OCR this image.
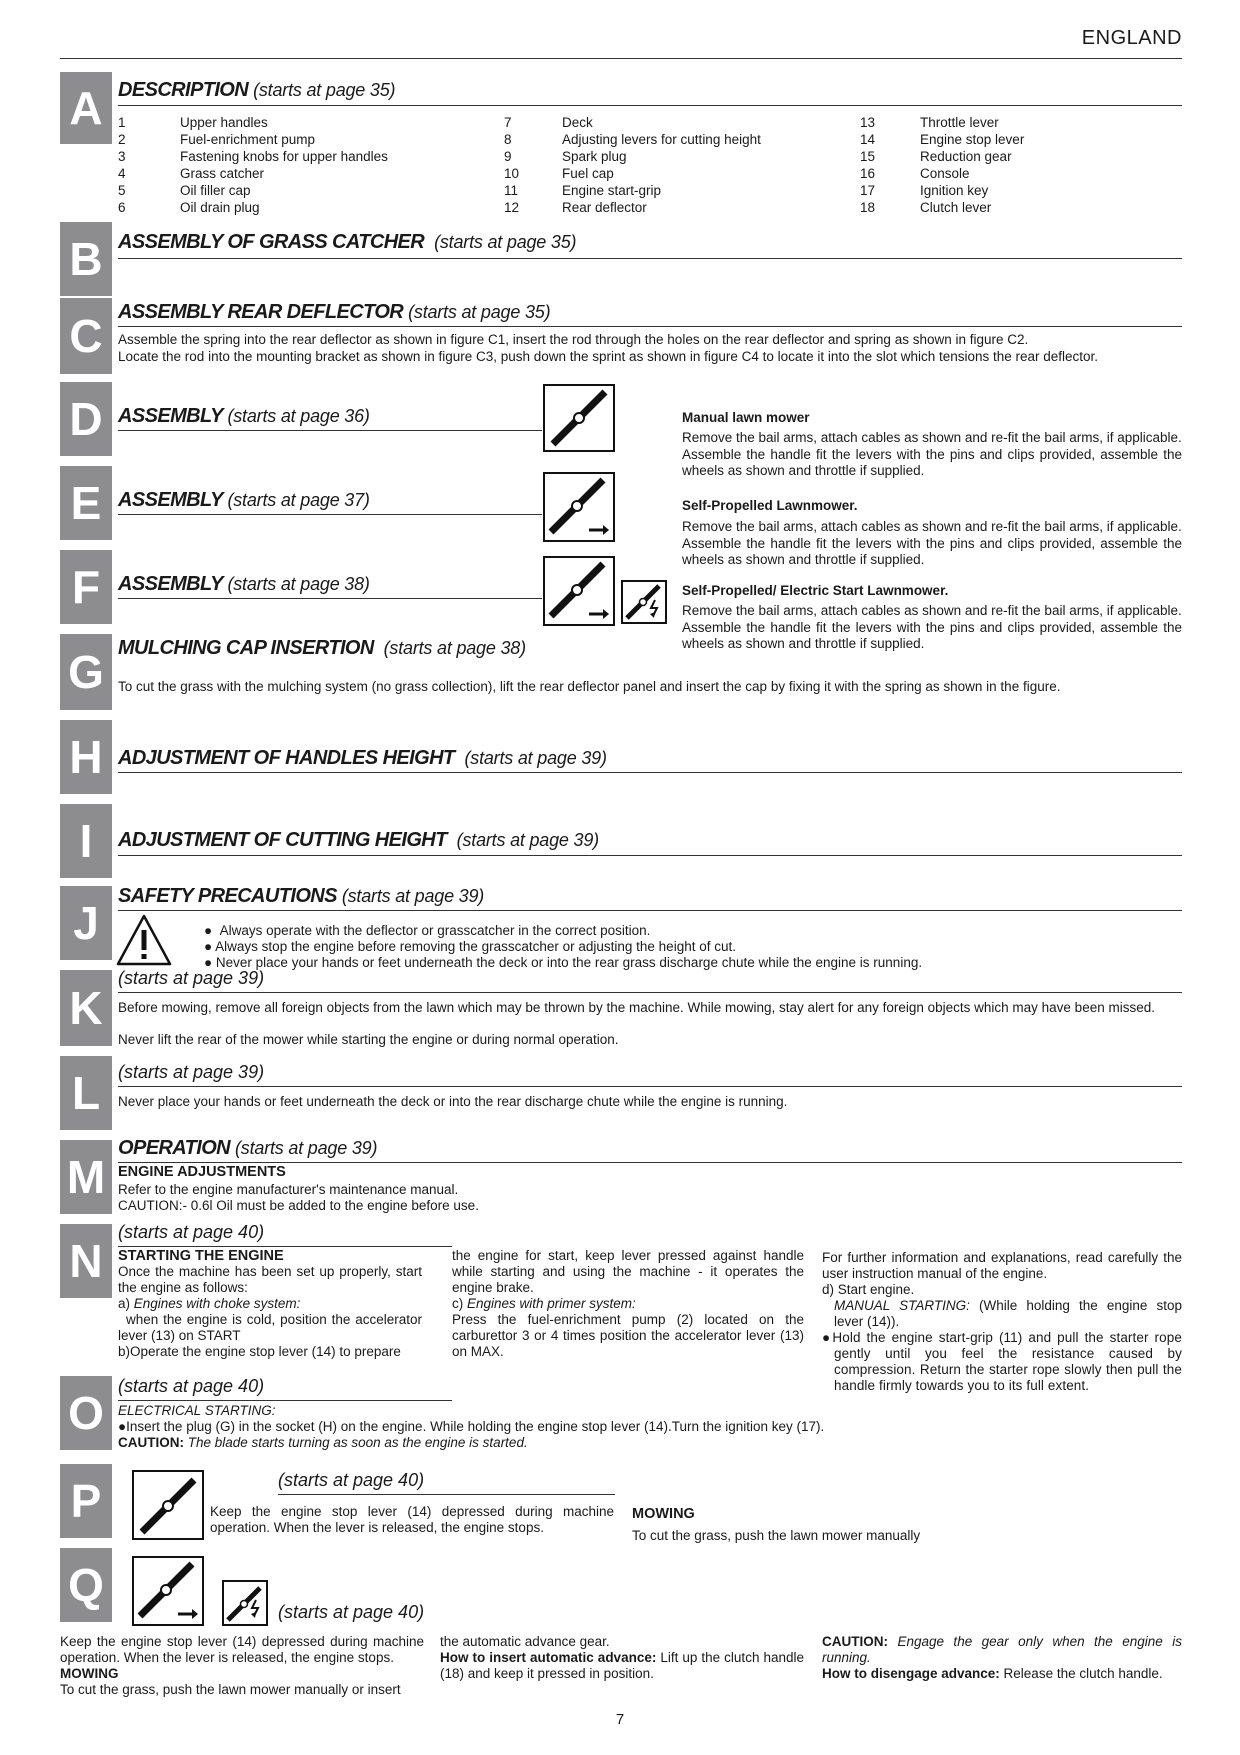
ENGLAND
A DESCRIPTION (starts at page 35)
1	Upper handles
2	Fuel-enrichment pump
3	Fastening knobs for upper handles
4	Grass catcher
5	Oil filler cap
6	Oil drain plug
7	Deck
8	Adjusting levers for cutting height
9	Spark plug
10	Fuel cap
11	Engine start-grip
12	Rear deflector
13	Throttle lever
14	Engine stop lever
15	Reduction gear
16	Console
17	Ignition key
18	Clutch lever
B ASSEMBLY OF GRASS CATCHER (starts at page 35)
C ASSEMBLY REAR DEFLECTOR (starts at page 35)
Assemble the spring into the rear deflector as shown in figure C1, insert the rod through the holes on the rear deflector and spring as shown in figure C2.
Locate the rod into the mounting bracket as shown in figure C3, push down the sprint as shown in figure C4 to locate it into the slot which tensions the rear deflector.
D ASSEMBLY (starts at page 36)	Manual lawn mower
Remove the bail arms, attach cables as shown and re-fit the bail arms, if applicable.
Assemble the handle fit the levers with the pins and clips provided, assemble the wheels as shown and throttle if supplied.
E ASSEMBLY (starts at page 37)	Self-Propelled Lawnmower.
Remove the bail arms, attach cables as shown and re-fit the bail arms, if applicable.
Assemble the handle fit the levers with the pins and clips provided, assemble the wheels as shown and throttle if supplied.
F ASSEMBLY (starts at page 38)	Self-Propelled/ Electric Start Lawnmower.
Remove the bail arms, attach cables as shown and re-fit the bail arms, if applicable.
Assemble the handle fit the levers with the pins and clips provided, assemble the wheels as shown and throttle if supplied.
G MULCHING CAP INSERTION (starts at page 38)
To cut the grass with the mulching system (no grass collection), lift the rear deflector panel and insert the cap by fixing it with the spring as shown in the figure.
H ADJUSTMENT OF HANDLES HEIGHT (starts at page 39)
I	ADJUSTMENT OF CUTTING HEIGHT (starts at page 39)
J
SAFETY PRECAUTIONS (starts at page 39)
●  Always operate with the deflector or grasscatcher in the correct position.
● Always stop the engine before removing the grasscatcher or adjusting the height of cut.
● Never place your hands or feet underneath the deck or into the rear grass discharge chute while the engine is running.
K
(starts at page 39)
Before mowing, remove all foreign objects from the lawn which may be thrown by the machine. While mowing, stay alert for any foreign objects which may have been missed.
Never lift the rear of the mower while starting the engine or during normal operation.
L (starts at page 39)
Never place your hands or feet underneath the deck or into the rear discharge chute while the engine is running.
M
OPERATION (starts at page 39)
ENGINE ADJUSTMENTS
Refer to the engine manufacturer's maintenance manual.
CAUTION:- 0.6l Oil must be added to the engine before use.
N
(starts at page 40)
STARTING THE ENGINE
Once the machine has been set up properly, start the engine as follows:
a) Engines with choke system:
when the engine is cold, position the accelerator lever (13) on START
b)Operate the engine stop lever (14) to prepare
the engine for start, keep lever pressed against handle while starting and using the machine - it operates the engine brake.
c) Engines with primer system:
Press the fuel-enrichment pump (2) located on the carburettor 3 or 4 times position the accelerator lever (13) on MAX.
For further information and explanations, read carefully the user instruction manual of the engine.
d) Start engine.
MANUAL STARTING: (While holding the engine stop lever (14)).
●Hold the engine start-grip (11) and pull the starter rope gently until you feel the resistance caused by compression. Return the starter rope slowly then pull the handle firmly towards you to its full extent.
O
(starts at page 40)
ELECTRICAL STARTING:
●Insert the plug (G) in the socket (H) on the engine. While holding the engine stop lever (14).Turn the ignition key (17).
CAUTION: The blade starts turning as soon as the engine is started.
P	(starts at page 40)
Keep the engine stop lever (14) depressed during machine operation. When the lever is released, the engine stops.
MOWING
To cut the grass, push the lawn mower manually
Q
(starts at page 40)
Keep the engine stop lever (14) depressed during machine operation. When the lever is released, the engine stops.
MOWING
To cut the grass, push the lawn mower manually or insert
the automatic advance gear.
How to insert automatic advance: Lift up the clutch handle (18) and keep it pressed in position.
CAUTION: Engage the gear only when the engine is running.
How to disengage advance: Release the clutch handle.
7
